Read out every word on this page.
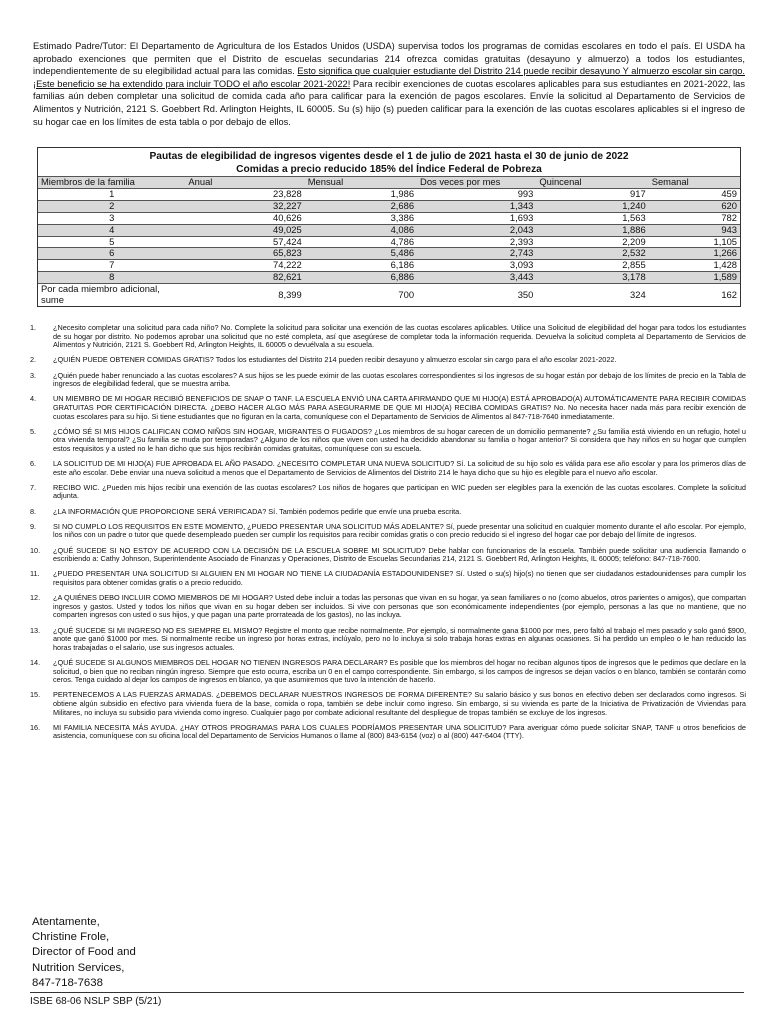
Estimado Padre/Tutor: El Departamento de Agricultura de los Estados Unidos (USDA) supervisa todos los programas de comidas escolares en todo el país. El USDA ha aprobado exenciones que permiten que el Distrito de escuelas secundarias 214 ofrezca comidas gratuitas (desayuno y almuerzo) a todos los estudiantes, independientemente de su elegibilidad actual para las comidas. Esto significa que cualquier estudiante del Distrito 214 puede recibir desayuno Y almuerzo escolar sin cargo. ¡Este beneficio se ha extendido para incluir TODO el año escolar 2021-2022! Para recibir exenciones de cuotas escolares aplicables para sus estudiantes en 2021-2022, las familias aún deben completar una solicitud de comida cada año para calificar para la exención de pagos escolares. Envíe la solicitud al Departamento de Servicios de Alimentos y Nutrición, 2121 S. Goebbert Rd. Arlington Heights, IL 60005. Su (s) hijo (s) pueden calificar para la exención de las cuotas escolares aplicables si el ingreso de su hogar cae en los límites de esta tabla o por debajo de ellos.
Pautas de elegibilidad de ingresos vigentes desde el 1 de julio de 2021 hasta el 30 de junio de 2022
Comidas a precio reducido 185% del Índice Federal de Pobreza
Miembros de la familia	Anual	Mensual	Dos veces por mes	Quincenal	Semanal
1	23,828	1,986	993	917	459
2	32,227	2,686	1,343	1,240	620
3	40,626	3,386	1,693	1,563	782
4	49,025	4,086	2,043	1,886	943
5	57,424	4,786	2,393	2,209	1,105
6	65,823	5,486	2,743	2,532	1,266
7	74,222	6,186	3,093	2,855	1,428
8	82,621	6,886	3,443	3,178	1,589
Por cada miembro adicional, sume	8,399	700	350	324	162
1.	¿Necesito completar una solicitud para cada niño? No. Complete la solicitud para solicitar una exención de las cuotas escolares aplicables. Utilice una Solicitud de elegibilidad del hogar para todos los estudiantes de su hogar por distrito. No podemos aprobar una solicitud que no esté completa, así que asegúrese de completar toda la información requerida. Devuelva la solicitud completa al Departamento de Servicios de Alimentos y Nutrición, 2121 S. Goebbert Rd, Arlington Heights, IL 60005 o devuélvala a su escuela.
2.	¿QUIÉN PUEDE OBTENER COMIDAS GRATIS? Todos los estudiantes del Distrito 214 pueden recibir desayuno y almuerzo escolar sin cargo para el año escolar 2021-2022.
3.	¿Quién puede haber renunciado a las cuotas escolares? A sus hijos se les puede eximir de las cuotas escolares correspondientes si los ingresos de su hogar están por debajo de los límites de precio en la Tabla de ingresos de elegibilidad federal, que se muestra arriba.
4.	UN MIEMBRO DE MI HOGAR RECIBIÓ BENEFICIOS DE SNAP O TANF. LA ESCUELA ENVIÓ UNA CARTA AFIRMANDO QUE MI HIJO(A) ESTÁ APROBADO(A) AUTOMÁTICAMENTE PARA RECIBIR COMIDAS GRATUITAS POR CERTIFICACIÓN DIRECTA. ¿DEBO HACER ALGO MÁS PARA ASEGURARME DE QUE MI HIJO(A) RECIBA COMIDAS GRATIS? No. No necesita hacer nada más para recibir exención de cuotas escolares para su hijo. Si tiene estudiantes que no figuran en la carta, comuníquese con el Departamento de Servicios de Alimentos al 847-718-7640 inmediatamente.
5.	¿CÓMO SÉ SI MIS HIJOS CALIFICAN COMO NIÑOS SIN HOGAR, MIGRANTES O FUGADOS? ¿Los miembros de su hogar carecen de un domicilio permanente? ¿Su familia está viviendo en un refugio, hotel u otra vivienda temporal? ¿Su familia se muda por temporadas? ¿Alguno de los niños que viven con usted ha decidido abandonar su familia o hogar anterior? Si considera que hay niños en su hogar que cumplen estos requisitos y a usted no le han dicho que sus hijos recibirán comidas gratuitas, comuníquese con su escuela.
6.	LA SOLICITUD DE MI HIJO(A) FUE APROBADA EL AÑO PASADO. ¿NECESITO COMPLETAR UNA NUEVA SOLICITUD? Sí. La solicitud de su hijo solo es válida para ese año escolar y para los primeros días de este año escolar. Debe enviar una nueva solicitud a menos que el Departamento de Servicios de Alimentos del Distrito 214 le haya dicho que su hijo es elegible para el nuevo año escolar.
7.	RECIBO WIC. ¿Pueden mis hijos recibir una exención de las cuotas escolares? Los niños de hogares que participan en WIC pueden ser elegibles para la exención de las cuotas escolares. Complete la solicitud adjunta.
8.	¿LA INFORMACIÓN QUE PROPORCIONE SERÁ VERIFICADA? Sí. También podemos pedirle que envíe una prueba escrita.
9.	SI NO CUMPLO LOS REQUISITOS EN ESTE MOMENTO, ¿PUEDO PRESENTAR UNA SOLICITUD MÁS ADELANTE? Sí, puede presentar una solicitud en cualquier momento durante el año escolar. Por ejemplo, los niños con un padre o tutor que quede desempleado pueden ser cumplir los requisitos para recibir comidas gratis o con precio reducido si el ingreso del hogar cae por debajo del límite de ingresos.
10.	¿QUÉ SUCEDE SI NO ESTOY DE ACUERDO CON LA DECISIÓN DE LA ESCUELA SOBRE MI SOLICITUD? Debe hablar con funcionarios de la escuela. También puede solicitar una audiencia llamando o escribiendo a: Cathy Johnson, Superintendente Asociado de Finanzas y Operaciones, Distrito de Escuelas Secundarias 214, 2121 S. Goebbert Rd, Arlington Heights, IL 60005; teléfono: 847-718-7600.
11.	¿PUEDO PRESENTAR UNA SOLICITUD SI ALGUIEN EN MI HOGAR NO TIENE LA CIUDADANÍA ESTADOUNIDENSE? Sí. Usted o su(s) hijo(s) no tienen que ser ciudadanos estadounidenses para cumplir los requisitos para obtener comidas gratis o a precio reducido.
12.	¿A QUIÉNES DEBO INCLUIR COMO MIEMBROS DE MI HOGAR? Usted debe incluir a todas las personas que vivan en su hogar, ya sean familiares o no (como abuelos, otros parientes o amigos), que compartan ingresos y gastos. Usted y todos los niños que vivan en su hogar deben ser incluidos. Si vive con personas que son económicamente independientes (por ejemplo, personas a las que no mantiene, que no comparten ingresos con usted o sus hijos, y que pagan una parte prorrateada de los gastos), no las incluya.
13.	¿QUÉ SUCEDE SI MI INGRESO NO ES SIEMPRE EL MISMO? Registre el monto que recibe normalmente. Por ejemplo, si normalmente gana $1000 por mes, pero faltó al trabajo el mes pasado y solo ganó $900, anote que ganó $1000 por mes. Si normalmente recibe un ingreso por horas extras, inclúyalo, pero no lo incluya si solo trabaja horas extras en algunas ocasiones. Si ha perdido un empleo o le han reducido las horas trabajadas o el salario, use sus ingresos actuales.
14.	¿QUÉ SUCEDE SI ALGUNOS MIEMBROS DEL HOGAR NO TIENEN INGRESOS PARA DECLARAR? Es posible que los miembros del hogar no reciban algunos tipos de ingresos que le pedimos que declare en la solicitud, o bien que no reciban ningún ingreso. Siempre que esto ocurra, escriba un 0 en el campo correspondiente. Sin embargo, si los campos de ingresos se dejan vacíos o en blanco, también se contarán como ceros. Tenga cuidado al dejar los campos de ingresos en blanco, ya que asumiremos que tuvo la intención de hacerlo.
15.	PERTENECEMOS A LAS FUERZAS ARMADAS. ¿DEBEMOS DECLARAR NUESTROS INGRESOS DE FORMA DIFERENTE? Su salario básico y sus bonos en efectivo deben ser declarados como ingresos. Si obtiene algún subsidio en efectivo para vivienda fuera de la base, comida o ropa, también se debe incluir como ingreso. Sin embargo, si su vivienda es parte de la Iniciativa de Privatización de Viviendas para Militares, no incluya su subsidio para vivienda como ingreso. Cualquier pago por combate adicional resultante del despliegue de tropas también se excluye de los ingresos.
16.	MI FAMILIA NECESITA MÁS AYUDA. ¿HAY OTROS PROGRAMAS PARA LOS CUALES PODRÍAMOS PRESENTAR UNA SOLICITUD? Para averiguar cómo puede solicitar SNAP, TANF u otros beneficios de asistencia, comuníquese con su oficina local del Departamento de Servicios Humanos o llame al (800) 843-6154 (voz) o al (800) 447-6404 (TTY).
Atentamente,
Christine Frole,
Director of Food and
Nutrition Services,
847-718-7638
ISBE 68-06 NSLP SBP (5/21)
